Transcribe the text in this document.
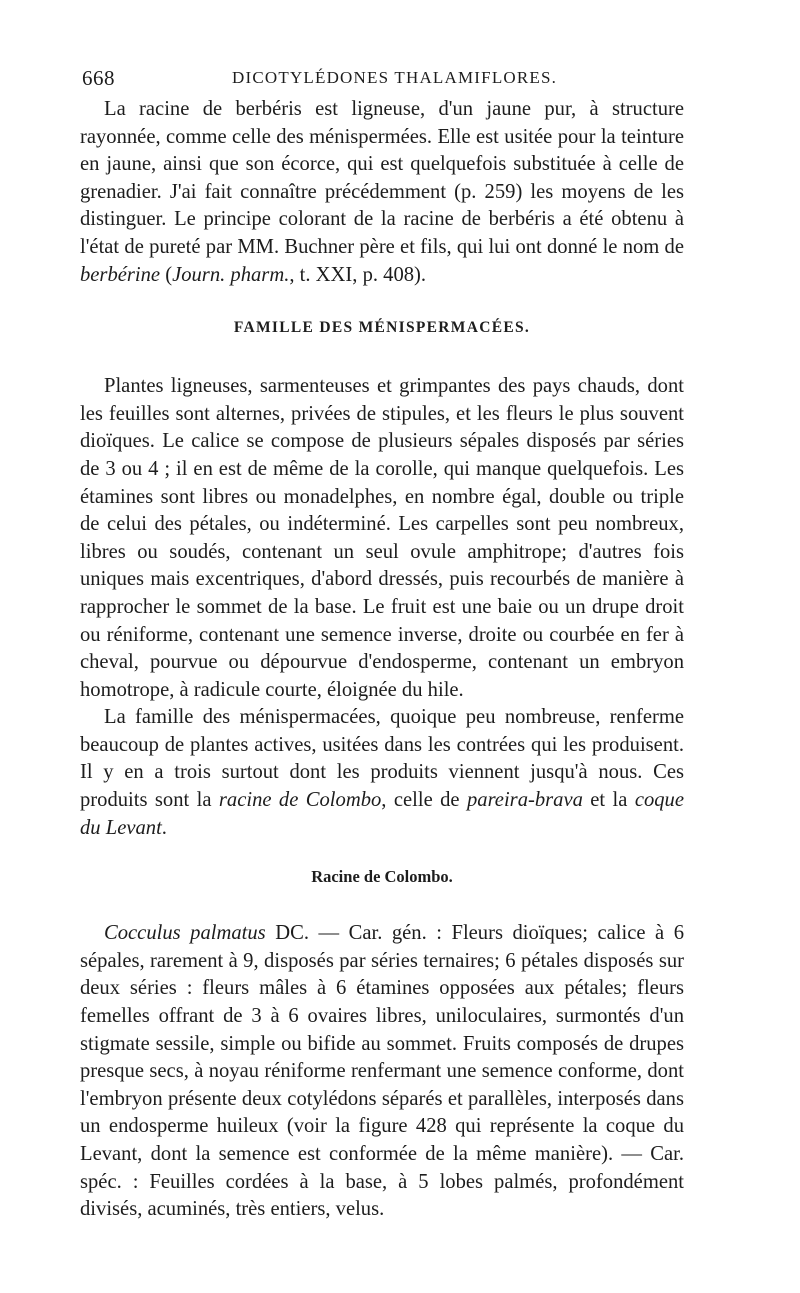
668	DICOTYLÉDONES THALAMIFLORES.

La racine de berbéris est ligneuse, d'un jaune pur, à structure rayonnée, comme celle des ménispermées. Elle est usitée pour la teinture en jaune, ainsi que son écorce, qui est quelquefois substituée à celle de grenadier. J'ai fait connaître précédemment (p. 259) les moyens de les distinguer. Le principe colorant de la racine de berbéris a été obtenu à l'état de pureté par MM. Buchner père et fils, qui lui ont donné le nom de berbérine (Journ. pharm., t. XXI, p. 408).

FAMILLE DES MÉNISPERMACÉES.

Plantes ligneuses, sarmenteuses et grimpantes des pays chauds, dont les feuilles sont alternes, privées de stipules, et les fleurs le plus souvent dioïques. Le calice se compose de plusieurs sépales disposés par séries de 3 ou 4 ; il en est de même de la corolle, qui manque quelquefois. Les étamines sont libres ou monadelphes, en nombre égal, double ou triple de celui des pétales, ou indéterminé. Les carpelles sont peu nombreux, libres ou soudés, contenant un seul ovule amphitrope; d'autres fois uniques mais excentriques, d'abord dressés, puis recourbés de manière à rapprocher le sommet de la base. Le fruit est une baie ou un drupe droit ou réniforme, contenant une semence inverse, droite ou courbée en fer à cheval, pourvue ou dépourvue d'endosperme, contenant un embryon homotrope, à radicule courte, éloignée du hile.

La famille des ménispermacées, quoique peu nombreuse, renferme beaucoup de plantes actives, usitées dans les contrées qui les produisent. Il y en a trois surtout dont les produits viennent jusqu'à nous. Ces produits sont la racine de Colombo, celle de pareira-brava et la coque du Levant.

Racine de Colombo.

Cocculus palmatus DC. — Car. gén. : Fleurs dioïques; calice à 6 sépales, rarement à 9, disposés par séries ternaires; 6 pétales disposés sur deux séries : fleurs mâles à 6 étamines opposées aux pétales; fleurs femelles offrant de 3 à 6 ovaires libres, uniloculaires, surmontés d'un stigmate sessile, simple ou bifide au sommet. Fruits composés de drupes presque secs, à noyau réniforme renfermant une semence conforme, dont l'embryon présente deux cotylédons séparés et parallèles, interposés dans un endosperme huileux (voir la figure 428 qui représente la coque du Levant, dont la semence est conformée de la même manière). — Car. spéc. : Feuilles cordées à la base, à 5 lobes palmés, profondément divisés, acuminés, très entiers, velus.
